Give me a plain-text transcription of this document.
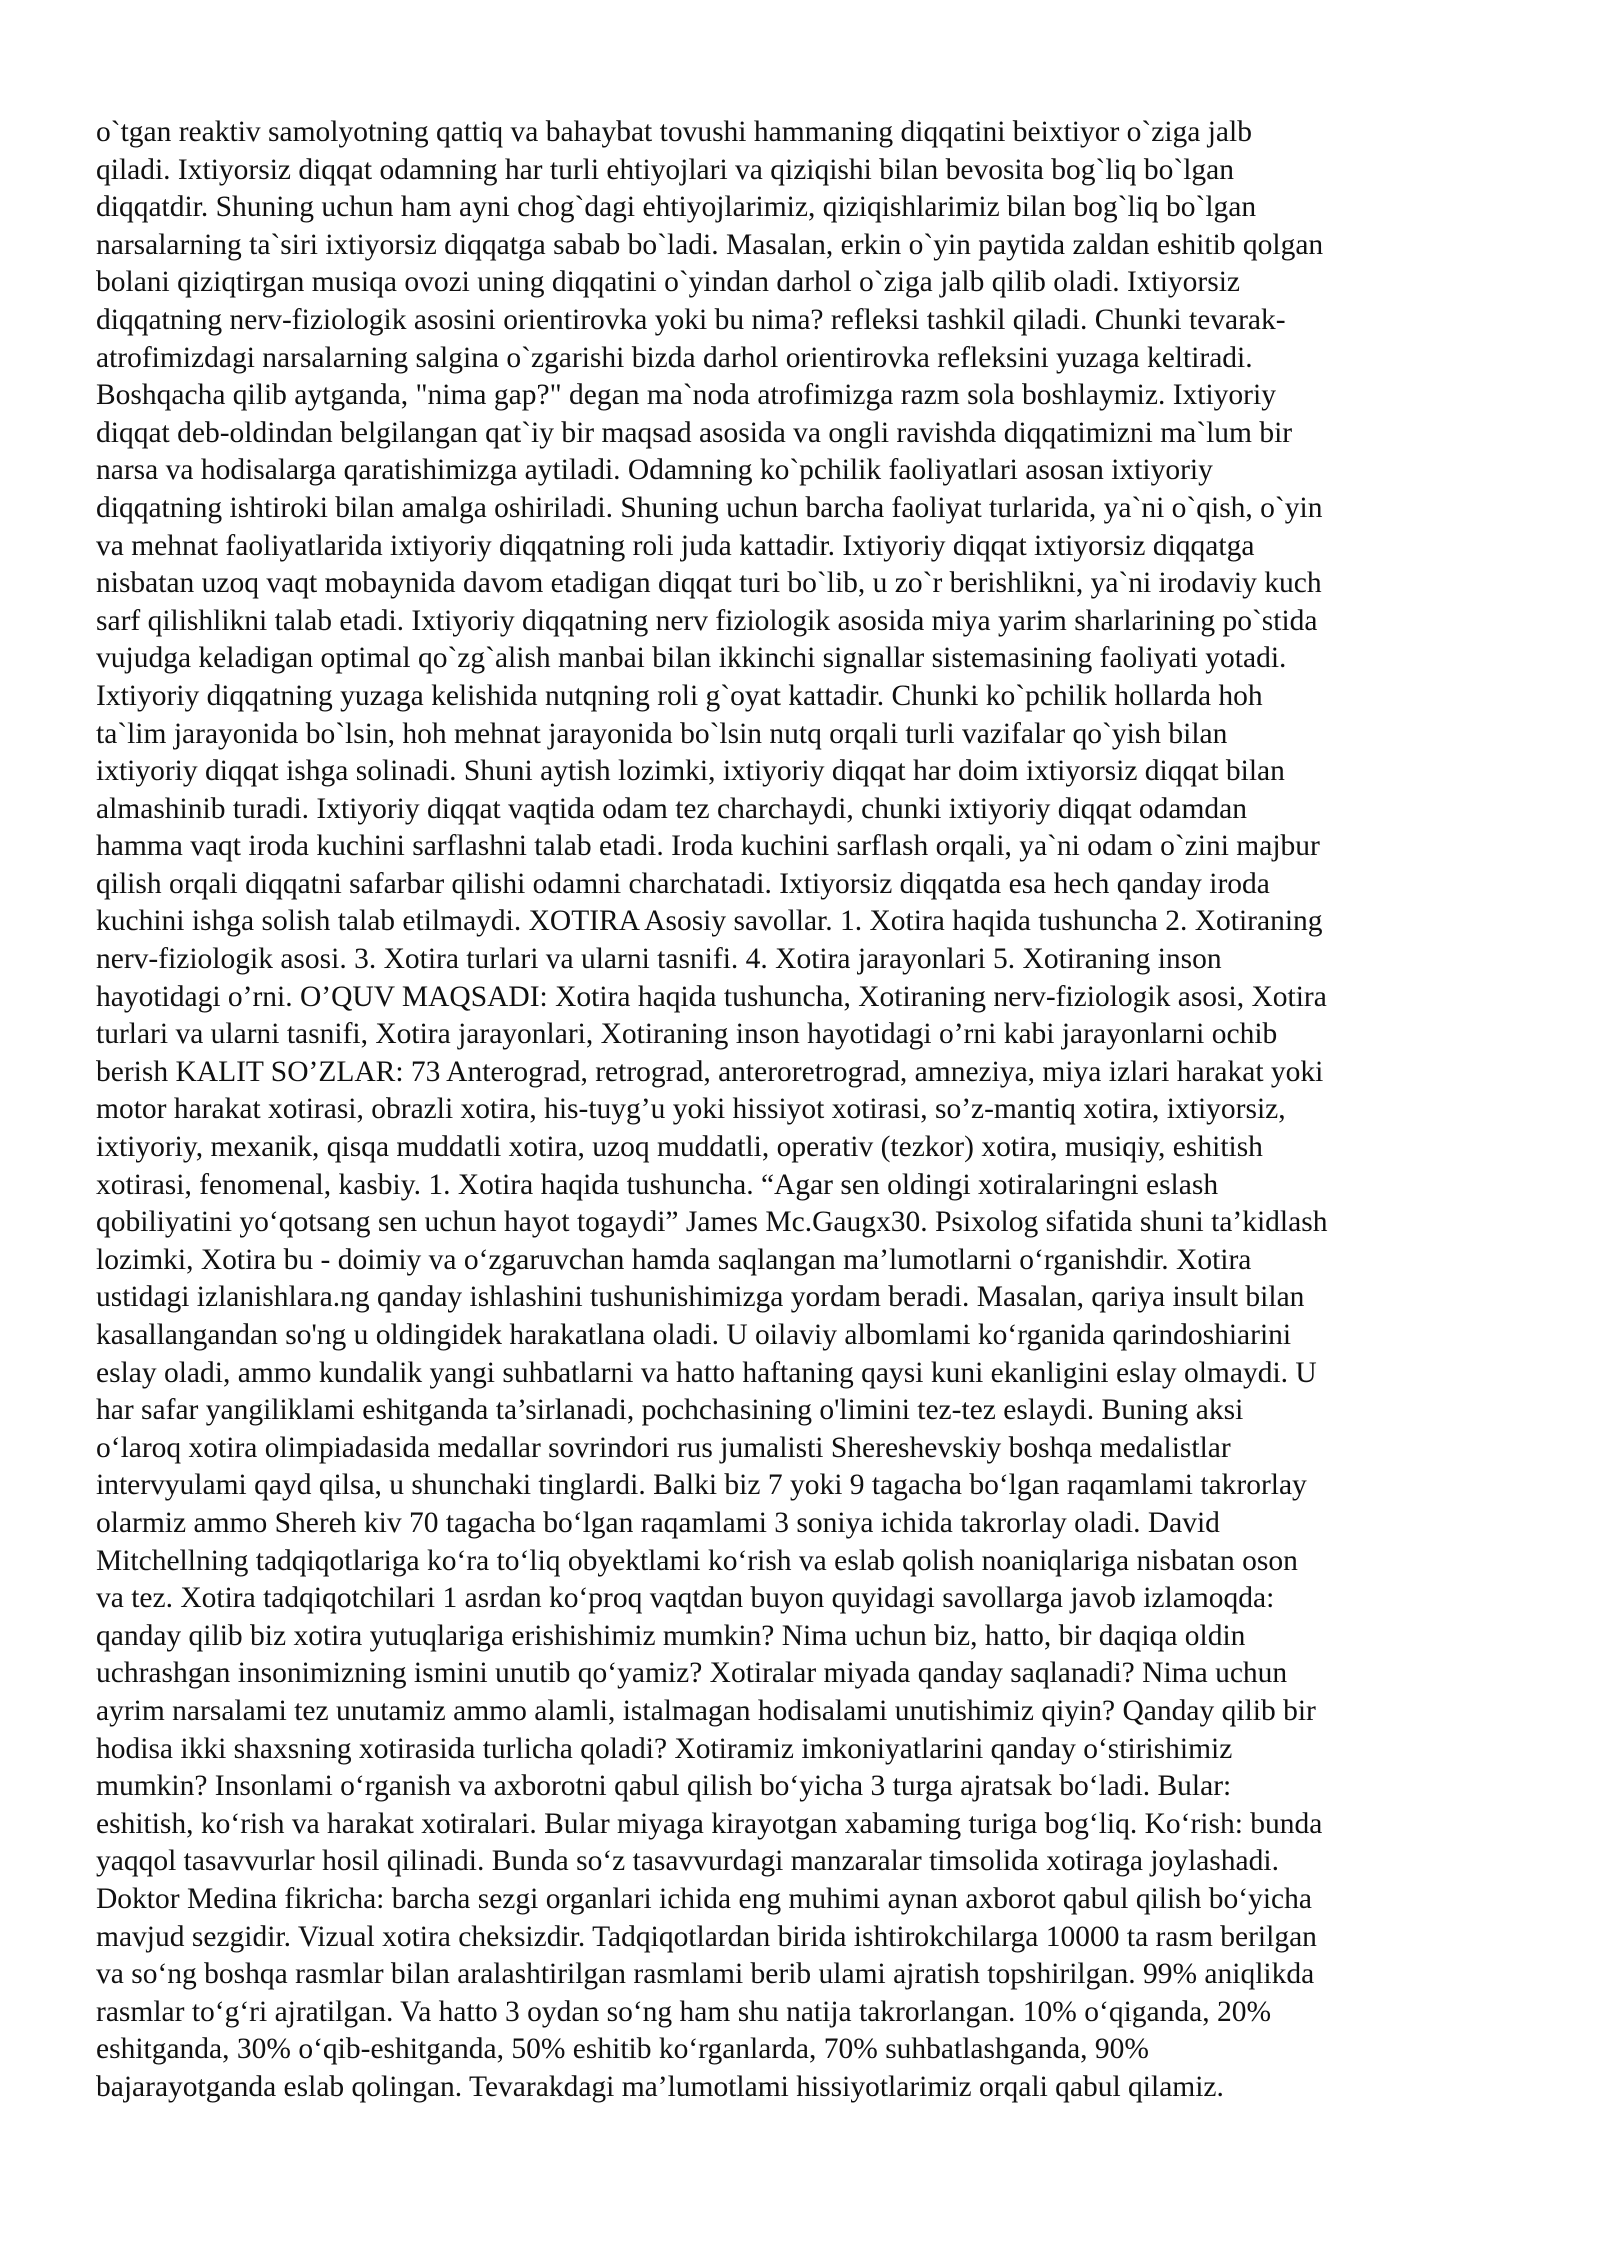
o`tgan reaktiv samolyotning qattiq va bahaybat tovushi hammaning diqqatini beixtiyor o`ziga jalb
qiladi. Ixtiyorsiz diqqat odamning har turli ehtiyojlari va qiziqishi bilan bevosita bog`liq bo`lgan
diqqatdir. Shuning uchun ham ayni chog`dagi ehtiyojlarimiz, qiziqishlarimiz bilan bog`liq bo`lgan
narsalarning ta`siri ixtiyorsiz diqqatga sabab bo`ladi. Masalan, erkin o`yin paytida zaldan eshitib qolgan
bolani qiziqtirgan musiqa ovozi uning diqqatini o`yindan darhol o`ziga jalb qilib oladi. Ixtiyorsiz
diqqatning nerv-fiziologik asosini orientirovka yoki bu nima? refleksi tashkil qiladi. Chunki tevarak-
atrofimizdagi narsalarning salgina o`zgarishi bizda darhol orientirovka refleksini yuzaga keltiradi.
Boshqacha qilib aytganda, "nima gap?" degan ma`noda atrofimizga razm sola boshlaymiz. Ixtiyoriy
diqqat deb-oldindan belgilangan qat`iy bir maqsad asosida va ongli ravishda diqqatimizni ma`lum bir
narsa va hodisalarga qaratishimizga aytiladi. Odamning ko`pchilik faoliyatlari asosan ixtiyoriy
diqqatning ishtiroki bilan amalga oshiriladi. Shuning uchun barcha faoliyat turlarida, ya`ni o`qish, o`yin
va mehnat faoliyatlarida ixtiyoriy diqqatning roli juda kattadir. Ixtiyoriy diqqat ixtiyorsiz diqqatga
nisbatan uzoq vaqt mobaynida davom etadigan diqqat turi bo`lib, u zo`r berishlikni, ya`ni irodaviy kuch
sarf qilishlikni talab etadi. Ixtiyoriy diqqatning nerv fiziologik asosida miya yarim sharlarining po`stida
vujudga keladigan optimal qo`zg`alish manbai bilan ikkinchi signallar sistemasining faoliyati yotadi.
Ixtiyoriy diqqatning yuzaga kelishida nutqning roli g`oyat kattadir. Chunki ko`pchilik hollarda hoh
ta`lim jarayonida bo`lsin, hoh mehnat jarayonida bo`lsin nutq orqali turli vazifalar qo`yish bilan
ixtiyoriy diqqat ishga solinadi. Shuni aytish lozimki, ixtiyoriy diqqat har doim ixtiyorsiz diqqat bilan
almashinib turadi. Ixtiyoriy diqqat vaqtida odam tez charchaydi, chunki ixtiyoriy diqqat odamdan
hamma vaqt iroda kuchini sarflashni talab etadi. Iroda kuchini sarflash orqali, ya`ni odam o`zini majbur
qilish orqali diqqatni safarbar qilishi odamni charchatadi. Ixtiyorsiz diqqatda esa hech qanday iroda
kuchini ishga solish talab etilmaydi. XOTIRA Asosiy savollar. 1. Xotira haqida tushuncha 2. Xotiraning
nerv-fiziologik asosi. 3. Xotira turlari va ularni tasnifi. 4. Xotira jarayonlari 5. Xotiraning inson
hayotidagi o’rni. O’QUV MAQSADI: Xotira haqida tushuncha, Xotiraning nerv-fiziologik asosi, Xotira
turlari va ularni tasnifi, Xotira jarayonlari, Xotiraning inson hayotidagi o’rni kabi jarayonlarni ochib
berish KALIT SO’ZLAR: 73 Anterograd, retrograd, anteroretrograd, amneziya, miya izlari harakat yoki
motor harakat xotirasi, obrazli xotira, his-tuyg’u yoki hissiyot xotirasi, so’z-mantiq xotira, ixtiyorsiz,
ixtiyoriy, mexanik, qisqa muddatli xotira, uzoq muddatli, operativ (tezkor) xotira, musiqiy, eshitish
xotirasi, fenomenal, kasbiy. 1. Xotira haqida tushuncha. “Agar sen oldingi xotiralaringni eslash
qobiliyatini yo‘qotsang sen uchun hayot togaydi” James Mc.Gaugx30. Psixolog sifatida shuni ta’kidlash
lozimki, Xotira bu - doimiy va o‘zgaruvchan hamda saqlangan ma’lumotlarni o‘rganishdir. Xotira
ustidagi izlanishlara.ng qanday ishlashini tushunishimizga yordam beradi. Masalan, qariya insult bilan
kasallangandan so'ng u oldingidek harakatlana oladi. U oilaviy albomlami ko‘rganida qarindoshiarini
eslay oladi, ammo kundalik yangi suhbatlarni va hatto haftaning qaysi kuni ekanligini eslay olmaydi. U
har safar yangiliklami eshitganda ta’sirlanadi, pochchasining o'limini tez-tez eslaydi. Buning aksi
o‘laroq xotira olimpiadasida medallar sovrindori rus jumalisti Shereshevskiy boshqa medalistlar
intervyulami qayd qilsa, u shunchaki tinglardi. Balki biz 7 yoki 9 tagacha bo‘lgan raqamlami takrorlay
olarmiz ammo Shereh kiv 70 tagacha bo‘lgan raqamlami 3 soniya ichida takrorlay oladi. David
Mitchellning tadqiqotlariga ko‘ra to‘liq obyektlami ko‘rish va eslab qolish noaniqlariga nisbatan oson
va tez. Xotira tadqiqotchilari 1 asrdan ko‘proq vaqtdan buyon quyidagi savollarga javob izlamoqda:
qanday qilib biz xotira yutuqlariga erishishimiz mumkin? Nima uchun biz, hatto, bir daqiqa oldin
uchrashgan insonimizning ismini unutib qo‘yamiz? Xotiralar miyada qanday saqlanadi? Nima uchun
ayrim narsalami tez unutamiz ammo alamli, istalmagan hodisalami unutishimiz qiyin? Qanday qilib bir
hodisa ikki shaxsning xotirasida turlicha qoladi? Xotiramiz imkoniyatlarini qanday o‘stirishimiz
mumkin? Insonlami o‘rganish va axborotni qabul qilish bo‘yicha 3 turga ajratsak bo‘ladi. Bular:
eshitish, ko‘rish va harakat xotiralari. Bular miyaga kirayotgan xabaming turiga bog‘liq. Ko‘rish: bunda
yaqqol tasavvurlar hosil qilinadi. Bunda so‘z tasavvurdagi manzaralar timsolida xotiraga joylashadi.
Doktor Medina fikricha: barcha sezgi organlari ichida eng muhimi aynan axborot qabul qilish bo‘yicha
mavjud sezgidir. Vizual xotira cheksizdir. Tadqiqotlardan birida ishtirokchilarga 10000 ta rasm berilgan
va so‘ng boshqa rasmlar bilan aralashtirilgan rasmlami berib ulami ajratish topshirilgan. 99% aniqlikda
rasmlar to‘g‘ri ajratilgan. Va hatto 3 oydan so‘ng ham shu natija takrorlangan. 10% o‘qiganda, 20%
eshitganda, 30% o‘qib-eshitganda, 50% eshitib ko‘rganlarda, 70% suhbatlashganda, 90%
bajarayotganda eslab qolingan. Tevarakdagi ma’lumotlami hissiyotlarimiz orqali qabul qilamiz.
